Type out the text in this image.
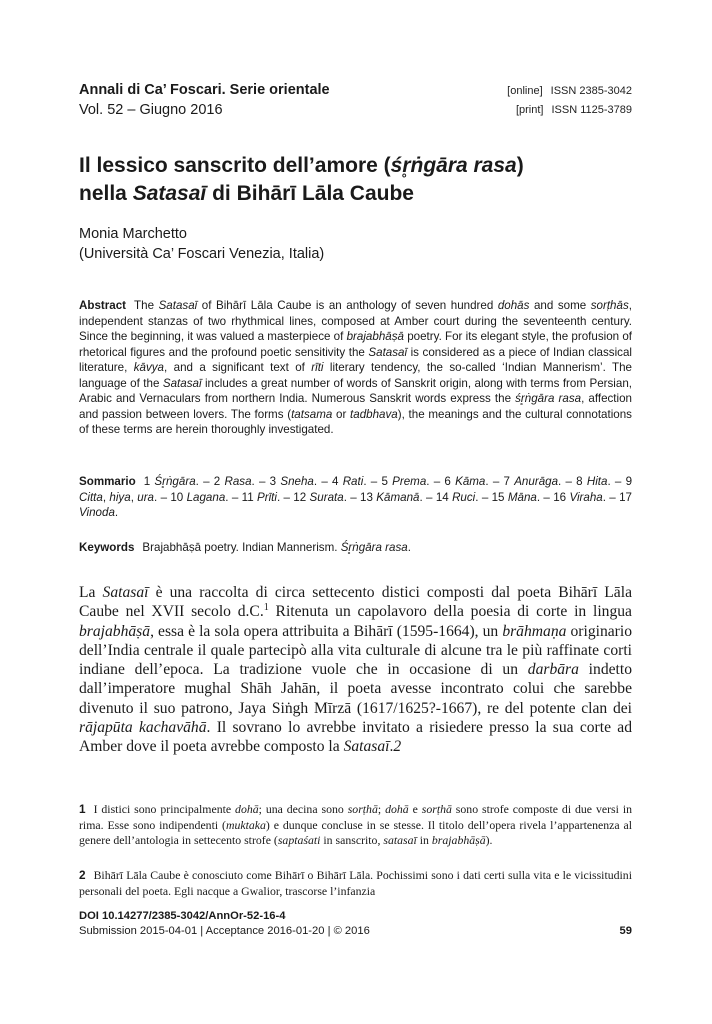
Annali di Ca’ Foscari. Serie orientale
Vol. 52 – Giugno 2016
[online] ISSN 2385-3042
[print] ISSN 1125-3789
Il lessico sanscrito dell’amore (śr̥ṅgāra rasa)
nella Satasaī di Bihārī Lāla Caube
Monia Marchetto
(Università Ca’ Foscari Venezia, Italia)
Abstract The Satasaī of Bihārī Lāla Caube is an anthology of seven hundred dohās and some sorṭhās, independent stanzas of two rhythmical lines, composed at Amber court during the seventeenth century. Since the beginning, it was valued a masterpiece of brajabhāṣā poetry. For its elegant style, the profusion of rhetorical figures and the profound poetic sensitivity the Satasaī is considered as a piece of Indian classical literature, kāvya, and a significant text of rīti literary tendency, the so-called ‘Indian Mannerism’. The language of the Satasaī includes a great number of words of Sanskrit origin, along with terms from Persian, Arabic and Vernaculars from northern India. Numerous Sanskrit words express the śr̥ṅgāra rasa, affection and passion between lovers. The forms (tatsama or tadbhava), the meanings and the cultural connotations of these terms are herein thoroughly investigated.
Sommario 1 Śr̥ṅgāra. – 2 Rasa. – 3 Sneha. – 4 Rati. – 5 Prema. – 6 Kāma. – 7 Anurāga. – 8 Hita. – 9 Citta, hiya, ura. – 10 Lagana. – 11 Prīti. – 12 Surata. – 13 Kāmanā. – 14 Ruci. – 15 Māna. – 16 Viraha. – 17 Vinoda.
Keywords Brajabhāṣā poetry. Indian Mannerism. Śr̥ṅgāra rasa.

La Satasaī è una raccolta di circa settecento distici composti dal poeta Bihārī Lāla Caube nel XVII secolo d.C.$^1$ Ritenuta un capolavoro della poesia di corte in lingua brajabhāṣā, essa è la sola opera attribuita a Bihārī (1595-1664), un brāhmaṇa originario dell’India centrale il quale partecipò alla vita culturale di alcune tra le più raffinate corti indiane dell’epoca. La tradizione vuole che in occasione di un darbāra indetto dall’imperatore mughal Shāh Jahān, il poeta avesse incontrato colui che sarebbe divenuto il suo patrono, Jaya Siṅgh Mīrzā (1617/1625?-1667), re del potente clan dei rājapūta kachavāhā. Il sovrano lo avrebbe invitato a risiedere presso la sua corte ad Amber dove il poeta avrebbe composto la Satasaī.2

1 I distici sono principalmente dohā; una decina sono sorṭhā; dohā e sorṭhā sono strofe composte di due versi in rima. Esse sono indipendenti (muktaka) e dunque concluse in se stesse. Il titolo dell’opera rivela l’appartenenza al genere dell’antologia in settecento strofe (saptaśati in sanscrito, satasaī in brajabhāṣā).

2 Bihārī Lāla Caube è conosciuto come Bihārī o Bihārī Lāla. Pochissimi sono i dati certi sulla vita e le vicissitudini personali del poeta. Egli nacque a Gwalior, trascorse l’infanzia

DOI 10.14277/2385-3042/AnnOr-52-16-4
Submission 2015-04-01 | Acceptance 2016-01-20 | © 2016	59
